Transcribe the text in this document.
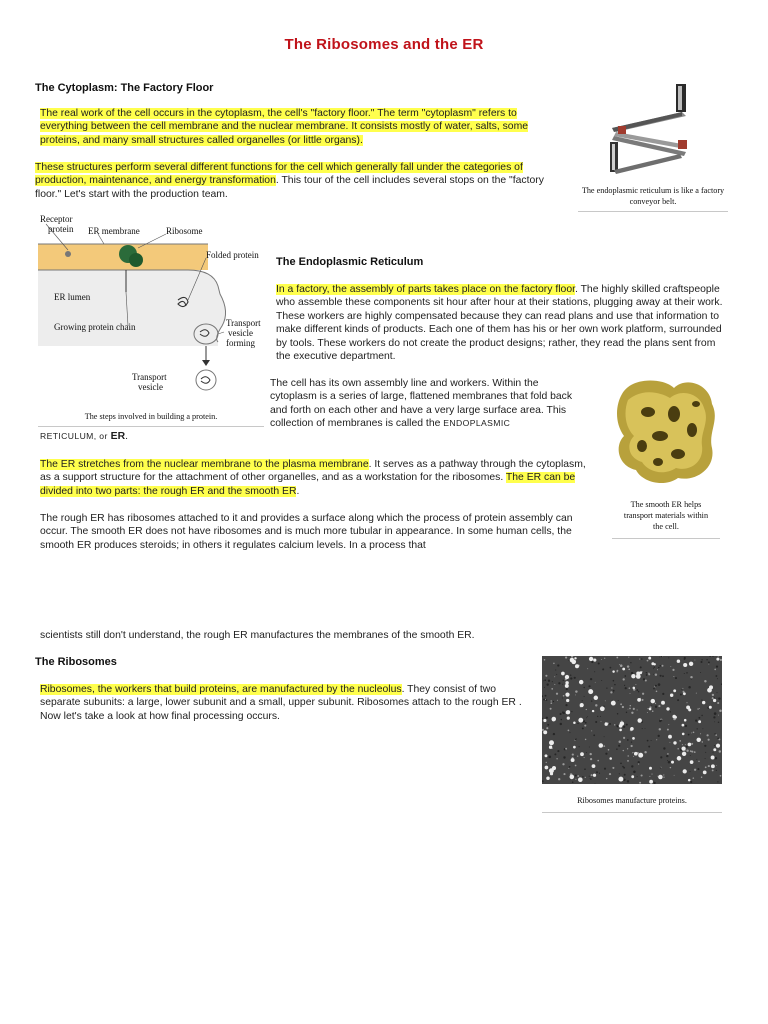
The Ribosomes and the ER
The Cytoplasm: The Factory Floor

The real work of the cell occurs in the cytoplasm, the cell's "factory floor." The term "cytoplasm" refers to everything between the cell membrane and the nuclear membrane. It consists mostly of water, salts, some proteins, and many small structures called organelles (or little organs).

These structures perform several different functions for the cell which generally fall under the categories of production, maintenance, and energy transformation. This tour of the cell includes several stops on the "factory floor." Let's start with the production team.	The endoplasmic reticulum is like a factory conveyor belt.

Receptor
protein ER membrane	Ribosome
Folded protein
ER lumen
Growing protein chain	Transport
vesicle
forming
Transport
vesicle

The steps involved in building a protein.

The Endoplasmic Reticulum

In a factory, the assembly of parts takes place on the factory floor. The highly skilled craftspeople who assemble these components sit hour after hour at their stations, plugging away at their work. These workers are highly compensated because they can read plans and use that information to make different kinds of products. Each one of them has his or her own work platform, surrounded by tools. These workers do not create the product designs; rather, they read the plans sent from the executive department.

The cell has its own assembly line and workers. Within the
cytoplasm is a series of large, flattened membranes that fold back
and forth on each other and have a very large surface area. This
collection of membranes is called the ENDOPLASMIC
RETICULUM, or ER.

The ER stretches from the nuclear membrane to the plasma membrane. It serves as a pathway through the cytoplasm, as a support structure for the attachment of other organelles, and as a workstation for the ribosomes. The ER can be divided into two parts: the rough ER and the smooth ER.

The rough ER has ribosomes attached to it and provides a surface along which the process of protein assembly can occur. The smooth ER does not have ribosomes and is much more tubular in appearance. In some human cells, the smooth ER produces steroids; in others it regulates calcium levels. In a process that

scientists still don't understand, the rough ER manufactures the membranes of the smooth ER.

The smooth ER helps transport materials within the cell.

The Ribosomes

Ribosomes, the workers that build proteins, are manufactured by the nucleolus. They consist of two separate subunits: a large, lower subunit and a small, upper subunit. Ribosomes attach to the rough ER . Now let's take a look at how final processing occurs.

Ribosomes manufacture proteins.
